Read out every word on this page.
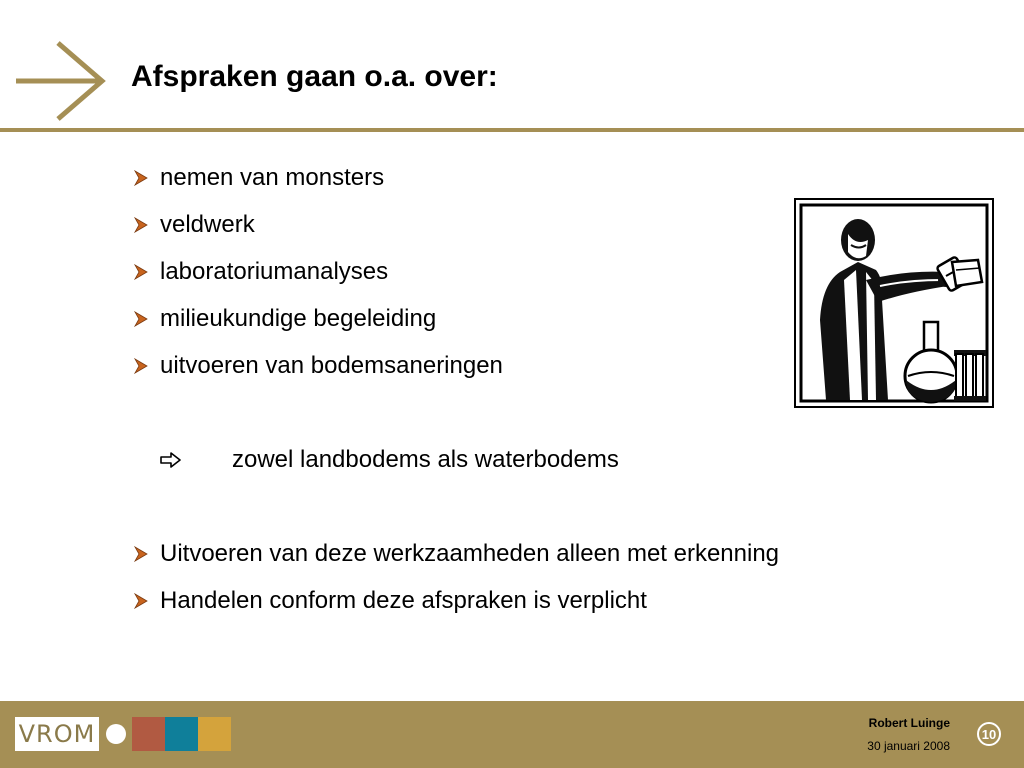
Afspraken gaan o.a. over:
nemen van monsters
veldwerk
laboratoriumanalyses
milieukundige begeleiding
uitvoeren van bodemsaneringen
Uitvoeren van deze werkzaamheden alleen met erkenning
Handelen conform deze afspraken is verplicht
zowel landbodems als waterbodems
VROM	Robert Luinge
30 januari 2008
10
